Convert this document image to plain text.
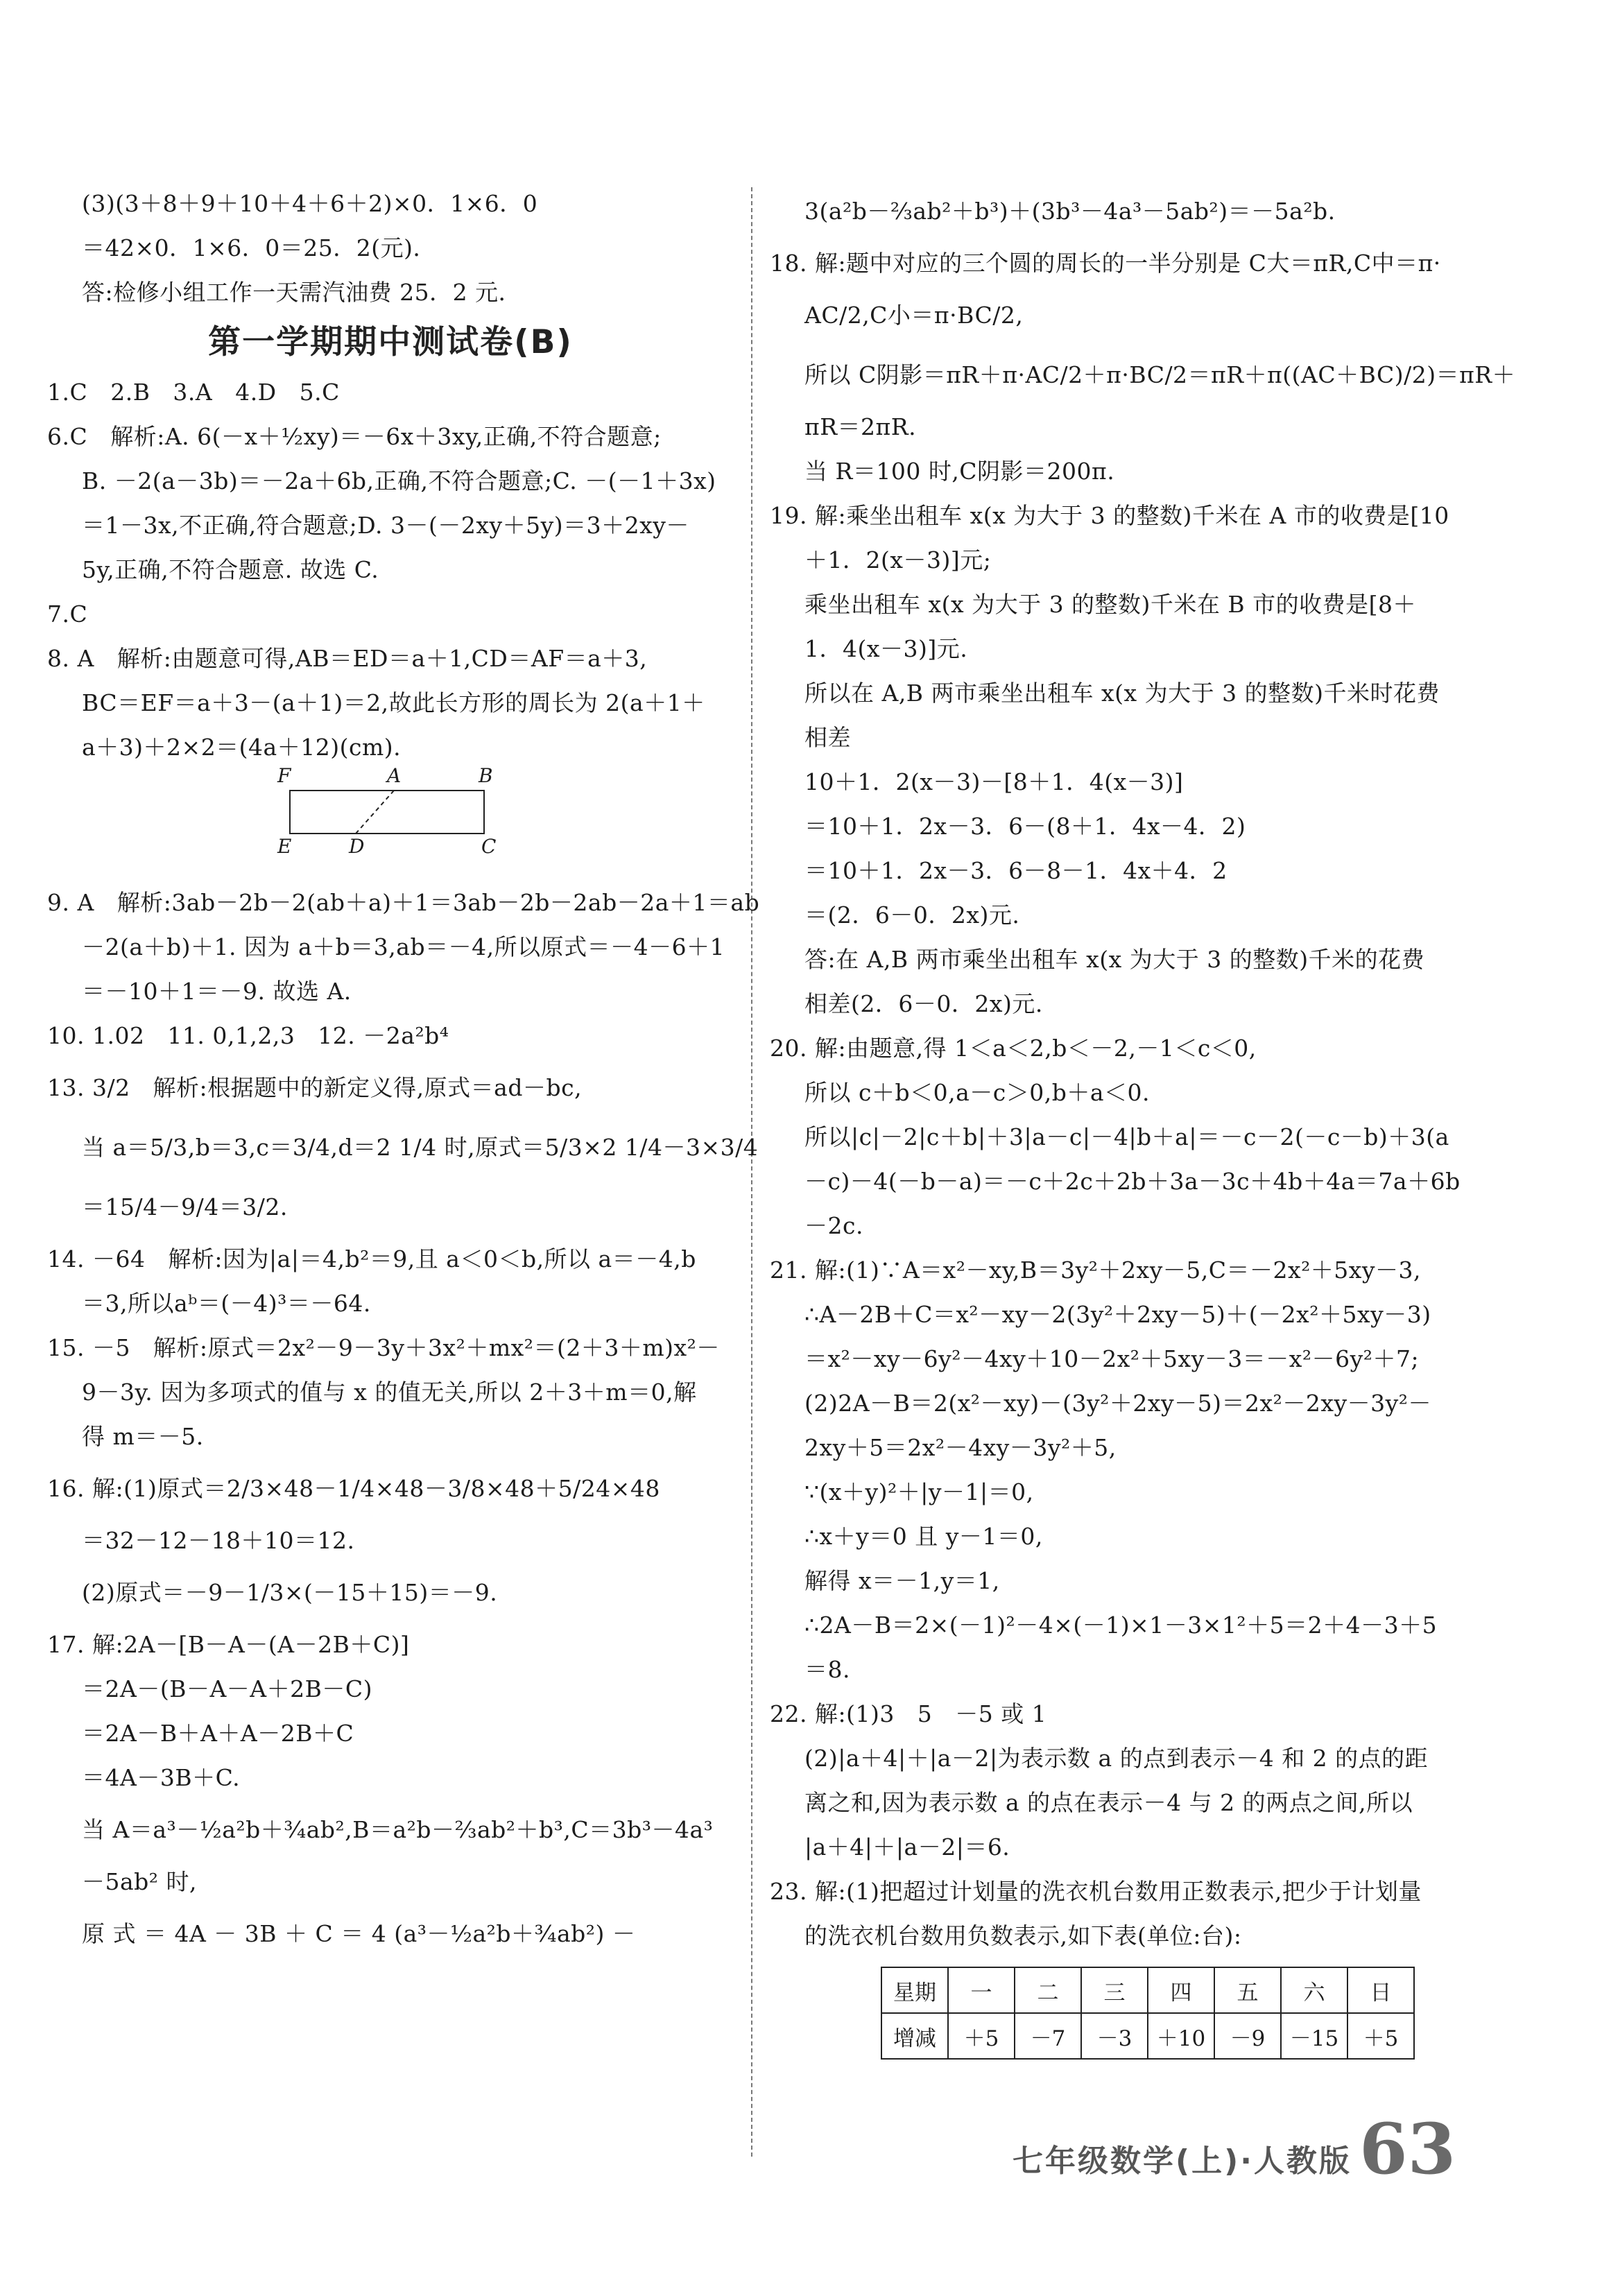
(3)(3＋8＋9＋10＋4＋6＋2)×0．1×6．0
＝42×0．1×6．0＝25．2(元)．
答:检修小组工作一天需汽油费 25．2 元．
第一学期期中测试卷(B)
1.C   2.B   3.A   4.D   5.C
6.C   解析:A. 6(－x＋½xy)＝－6x＋3xy,正确,不符合题意;
B. －2(a－3b)＝－2a＋6b,正确,不符合题意;C. －(－1＋3x)
＝1－3x,不正确,符合题意;D. 3－(－2xy＋5y)＝3＋2xy－
5y,正确,不符合题意. 故选 C.
7.C
8. A   解析:由题意可得,AB＝ED＝a＋1,CD＝AF＝a＋3,
BC＝EF＝a＋3－(a＋1)＝2,故此长方形的周长为 2(a＋1＋
a＋3)＋2×2＝(4a＋12)(cm).
F	A	B
E	D	C
9. A   解析:3ab－2b－2(ab＋a)＋1＝3ab－2b－2ab－2a＋1＝ab
－2(a＋b)＋1. 因为 a＋b＝3,ab＝－4,所以原式＝－4－6＋1
＝－10＋1＝－9. 故选 A.
10. 1.02   11. 0,1,2,3   12. －2a²b⁴
13. 3/2   解析:根据题中的新定义得,原式＝ad－bc,
当 a＝5/3,b＝3,c＝3/4,d＝2 1/4 时,原式＝5/3×2 1/4－3×3/4
＝15/4－9/4＝3/2.
14. －64   解析:因为|a|＝4,b²＝9,且 a＜0＜b,所以 a＝－4,b
＝3,所以aᵇ＝(－4)³＝－64.
15. －5   解析:原式＝2x²－9－3y＋3x²＋mx²＝(2＋3＋m)x²－
9－3y. 因为多项式的值与 x 的值无关,所以 2＋3＋m＝0,解
得 m＝－5.
16. 解:(1)原式＝2/3×48－1/4×48－3/8×48＋5/24×48
＝32－12－18＋10＝12.
(2)原式＝－9－1/3×(－15＋15)＝－9.
17. 解:2A－[B－A－(A－2B＋C)]
＝2A－(B－A－A＋2B－C)
＝2A－B＋A＋A－2B＋C
＝4A－3B＋C.
当 A＝a³－½a²b＋¾ab²,B＝a²b－⅔ab²＋b³,C＝3b³－4a³
－5ab² 时,
原 式 ＝ 4A － 3B ＋ C ＝ 4 (a³－½a²b＋¾ab²) －
3(a²b－⅔ab²＋b³)＋(3b³－4a³－5ab²)＝－5a²b.
18. 解:题中对应的三个圆的周长的一半分别是 C大＝πR,C中＝π·
AC/2,C小＝π·BC/2,
所以 C阴影＝πR＋π·AC/2＋π·BC/2＝πR＋π((AC＋BC)/2)＝πR＋
πR＝2πR.
当 R＝100 时,C阴影＝200π.
19. 解:乘坐出租车 x(x 为大于 3 的整数)千米在 A 市的收费是[10
＋1．2(x－3)]元;
乘坐出租车 x(x 为大于 3 的整数)千米在 B 市的收费是[8＋
1．4(x－3)]元.
所以在 A,B 两市乘坐出租车 x(x 为大于 3 的整数)千米时花费
相差
10＋1．2(x－3)－[8＋1．4(x－3)]
＝10＋1．2x－3．6－(8＋1．4x－4．2)
＝10＋1．2x－3．6－8－1．4x＋4．2
＝(2．6－0．2x)元.
答:在 A,B 两市乘坐出租车 x(x 为大于 3 的整数)千米的花费
相差(2．6－0．2x)元.
20. 解:由题意,得 1＜a＜2,b＜－2,－1＜c＜0,
所以 c＋b＜0,a－c＞0,b＋a＜0.
所以|c|－2|c＋b|＋3|a－c|－4|b＋a|＝－c－2(－c－b)＋3(a
－c)－4(－b－a)＝－c＋2c＋2b＋3a－3c＋4b＋4a＝7a＋6b
－2c.
21. 解:(1)∵A＝x²－xy,B＝3y²＋2xy－5,C＝－2x²＋5xy－3,
∴A－2B＋C＝x²－xy－2(3y²＋2xy－5)＋(－2x²＋5xy－3)
＝x²－xy－6y²－4xy＋10－2x²＋5xy－3＝－x²－6y²＋7;
(2)2A－B＝2(x²－xy)－(3y²＋2xy－5)＝2x²－2xy－3y²－
2xy＋5＝2x²－4xy－3y²＋5,
∵(x＋y)²＋|y－1|＝0,
∴x＋y＝0 且 y－1＝0,
解得 x＝－1,y＝1,
∴2A－B＝2×(－1)²－4×(－1)×1－3×1²＋5＝2＋4－3＋5
＝8.
22. 解:(1)3   5   －5 或 1
(2)|a＋4|＋|a－2|为表示数 a 的点到表示－4 和 2 的点的距
离之和,因为表示数 a 的点在表示－4 与 2 的两点之间,所以
|a＋4|＋|a－2|＝6.
23. 解:(1)把超过计划量的洗衣机台数用正数表示,把少于计划量
的洗衣机台数用负数表示,如下表(单位:台):
星期	一	二	三	四	五	六	日
增减	＋5	－7	－3	＋10	－9	－15	＋5
七年级数学(上)·人教版 63
